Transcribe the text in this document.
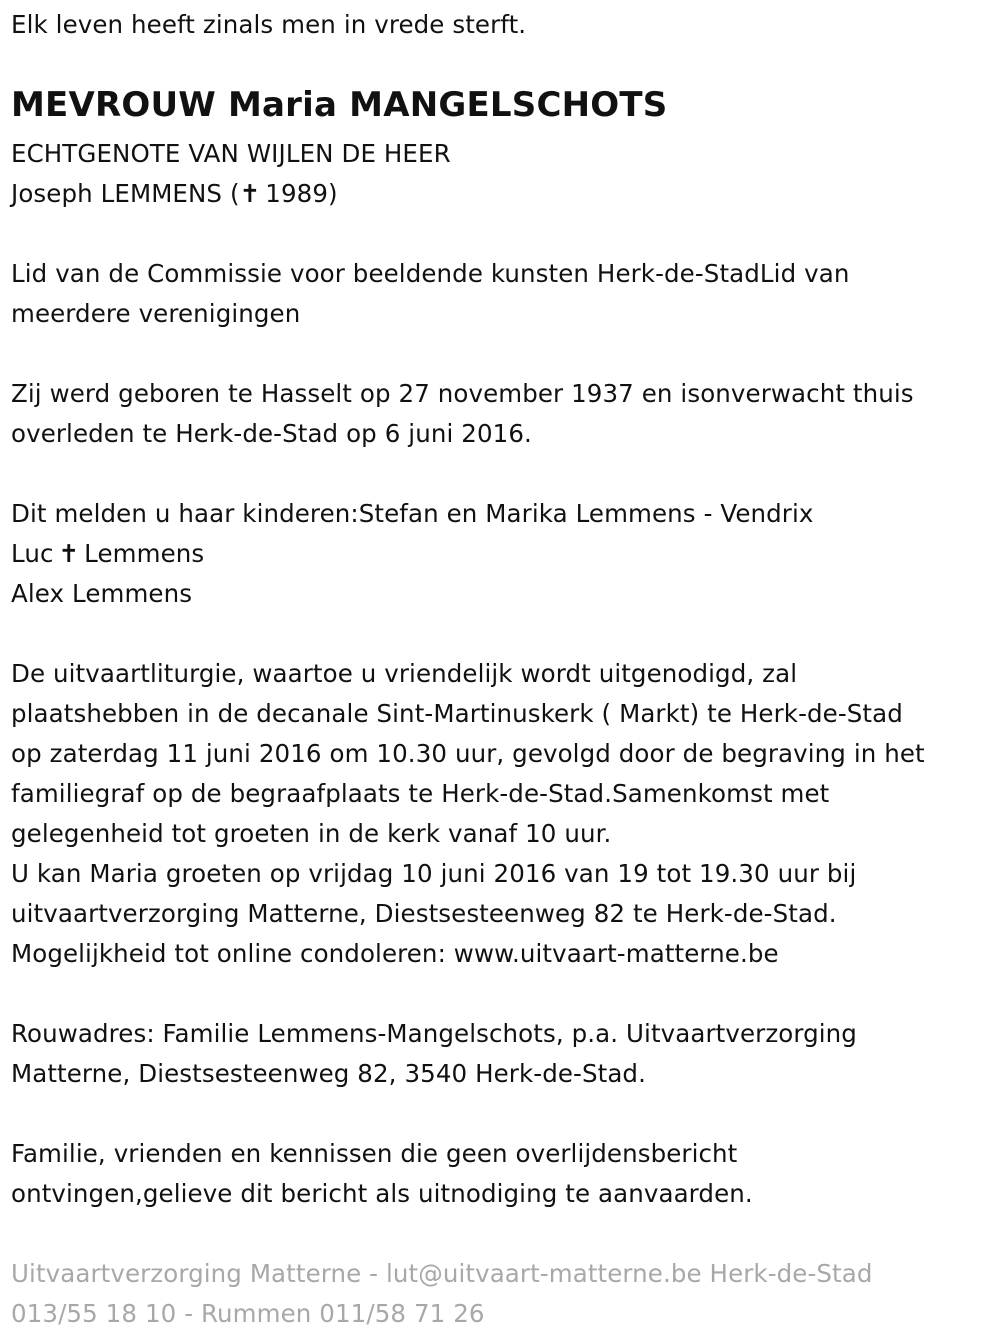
Elk leven heeft zinals men in vrede sterft.
MEVROUW Maria MANGELSCHOTS
ECHTGENOTE VAN WIJLEN DE HEER
Joseph LEMMENS (✝  1989)
Lid van de Commissie voor beeldende kunsten Herk-de-StadLid van
meerdere verenigingen
Zij werd geboren te Hasselt op 27 november 1937 en isonverwacht thuis
overleden te Herk-de-Stad op 6 juni 2016.
Dit melden u haar kinderen:Stefan en Marika Lemmens - Vendrix
Luc  ✝  Lemmens
Alex Lemmens
De uitvaartliturgie, waartoe u vriendelijk wordt uitgenodigd, zal
plaatshebben in de decanale Sint-Martinuskerk ( Markt) te Herk-de-Stad
op zaterdag 11 juni 2016 om 10.30 uur, gevolgd door de begraving in het
familiegraf op de begraafplaats te Herk-de-Stad.Samenkomst met
gelegenheid tot groeten in de kerk vanaf 10 uur.
U kan Maria groeten op vrijdag 10 juni 2016 van 19 tot 19.30 uur bij
uitvaartverzorging Matterne, Diestsesteenweg 82 te Herk-de-Stad.
Mogelijkheid tot online condoleren: www.uitvaart-matterne.be
Rouwadres: Familie Lemmens-Mangelschots, p.a. Uitvaartverzorging
Matterne, Diestsesteenweg 82, 3540 Herk-de-Stad.
Familie, vrienden en kennissen die geen overlijdensbericht
ontvingen,gelieve dit bericht als uitnodiging te aanvaarden.
Uitvaartverzorging Matterne - lut@uitvaart-matterne.be Herk-de-Stad
013/55 18 10 - Rummen 011/58 71 26
